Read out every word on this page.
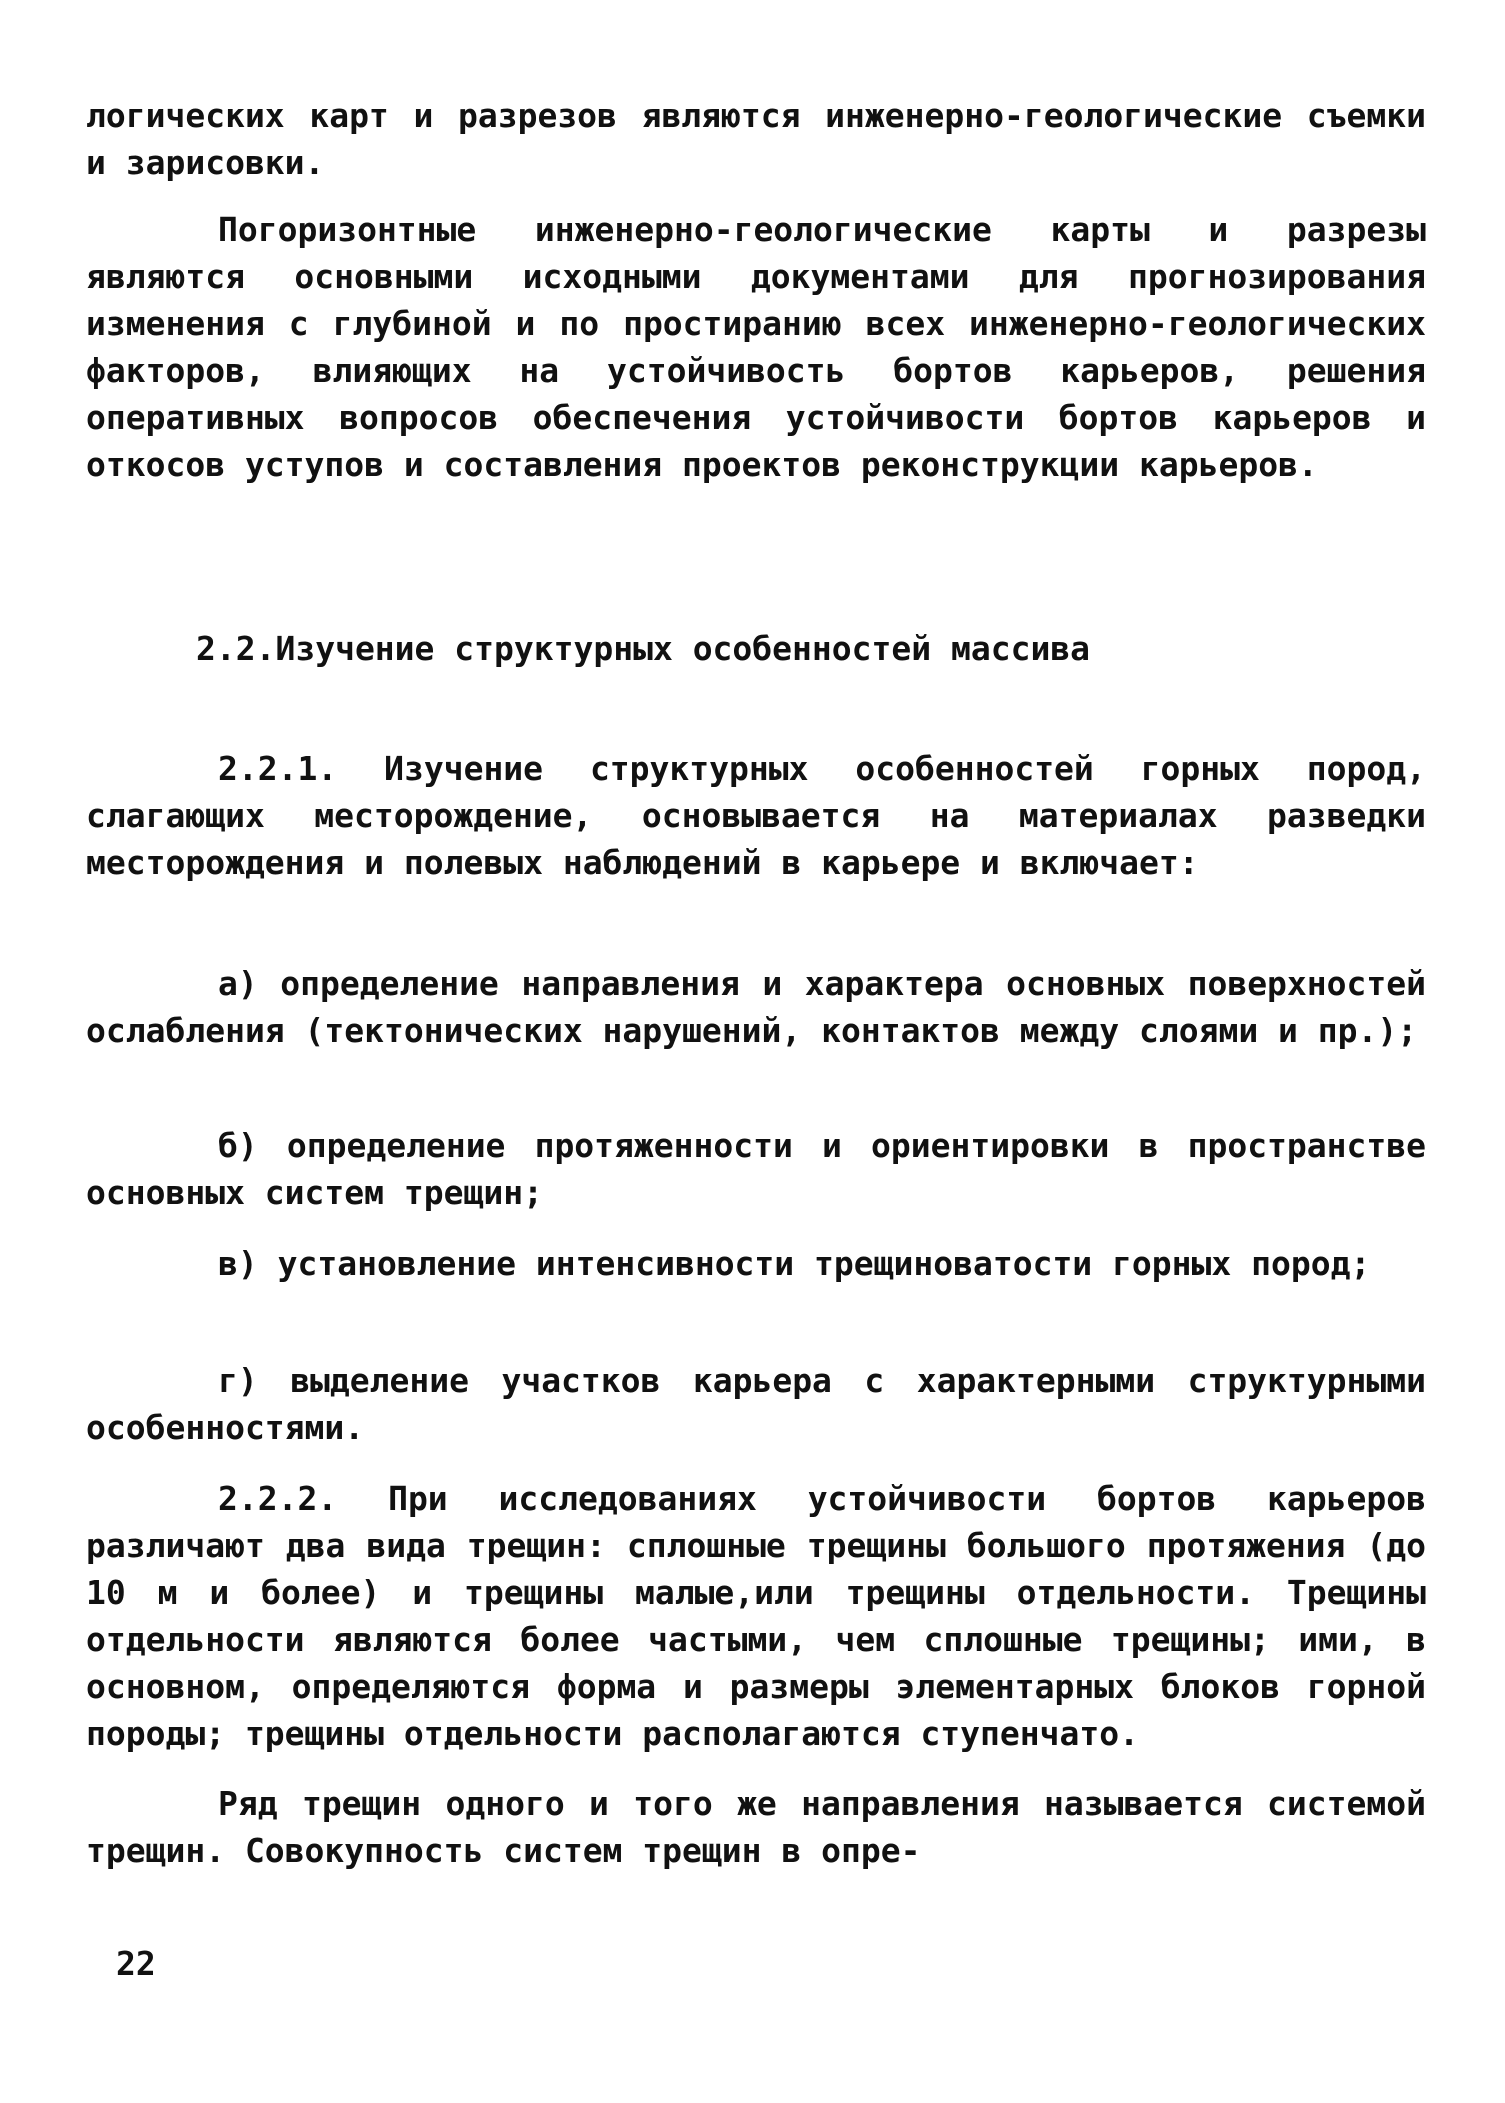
логических карт и разрезов являются инженерно-геологические съемки и зарисовки.

Погоризонтные инженерно-геологические карты и разрезы являются основными исходными документами для прогнозирования изменения с глубиной и по простиранию всех инженерно-геологических факторов, влияющих на устойчивость бортов карьеров, решения оперативных вопросов обеспечения устойчивости бортов карьеров и откосов уступов и составления проектов реконструкции карьеров.

2.2.Изучение структурных особенностей массива

2.2.1. Изучение структурных особенностей горных пород, слагающих месторождение, основывается на материалах разведки месторождения и полевых наблюдений в карьере и включает:

а) определение направления и характера основных поверхностей ослабления (тектонических нарушений, контактов между слоями и пр.);

б) определение протяженности и ориентировки в пространстве основных систем трещин;

в) установление интенсивности трещиноватости горных пород;

г) выделение участков карьера с характерными структурными особенностями.

2.2.2. При исследованиях устойчивости бортов карьеров различают два вида трещин: сплошные трещины большого протяжения (до 10 м и более) и трещины малые,или трещины отдельности. Трещины отдельности являются более частыми, чем сплошные трещины; ими, в основном, определяются форма и размеры элементарных блоков горной породы; трещины отдельности располагаются ступенчато.

Ряд трещин одного и того же направления называется системой трещин. Совокупность систем трещин в опре-

22
